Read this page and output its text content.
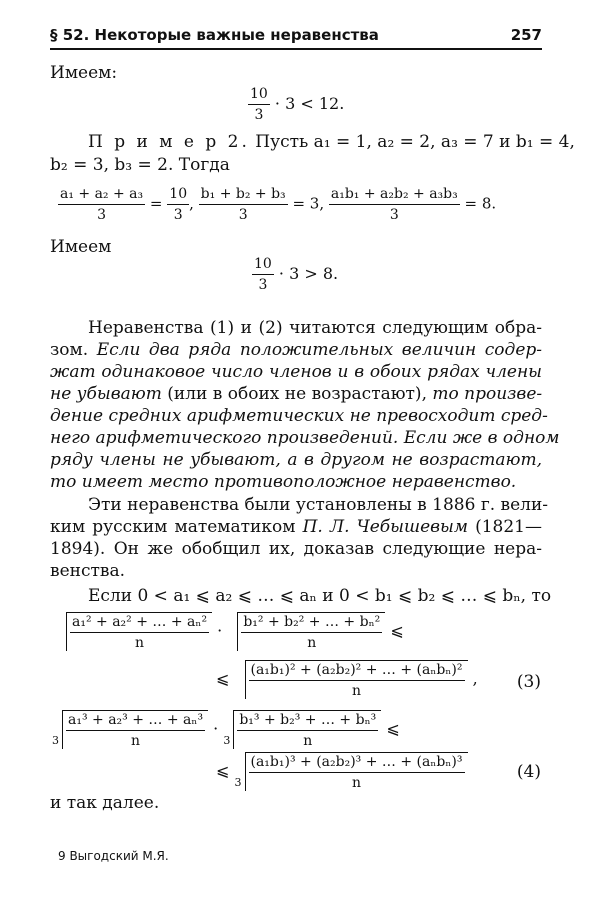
§ 52. Некоторые важные неравенства	257
Имеем:
$\frac{10}{3} \cdot 3 < 12$.
П р и м е р 2. Пусть a₁ = 1, a₂ = 2, a₃ = 7 и b₁ = 4,
b₂ = 3, b₃ = 2. Тогда
$\frac{\text{a₁ + a₂ + a₃}}{3} = \frac{10}{3}$ , $\frac{\text{b₁ + b₂ + b₃}}{3} = 3$, $\frac{\text{a₁b₁ + a₂b₂ + a₃b₃}}{3} = 8$.
Имеем
$\frac{10}{3} \cdot 3 > 8$.
Неравенства (1) и (2) читаются следующим обра-
зом. Если два ряда положительных величин содер-
жат одинаковое число членов и в обоих рядах члены
не убывают (или в обоих не возрастают), то произве-
дение средних арифметических не превосходит сред-
него арифметического произведений. Если же в одном
ряду члены не убывают, а в другом не возрастают,
то имеет место противоположное неравенство.
Эти неравенства были установлены в 1886 г. вели-
ким русским математиком П. Л. Чебышевым (1821—
1894). Он же обобщил их, доказав следующие нера-
венства.
Если 0 < a₁ ⩽ a₂ ⩽ … ⩽ aₙ и 0 < b₁ ⩽ b₂ ⩽ … ⩽ bₙ, то
$\frac{\text{a₁² + a₂² + … + aₙ²}}{n} \cdot \frac{\text{b₁² + b₂² + … + bₙ²}}{n}$ ⩽
⩽ $\frac{\text{(a₁b₁)² + (a₂b₂)² + … + (aₙbₙ)²}}{n}$ , (3)
$3 \frac{\text{a₁³ + a₂³ + … + aₙ³}}{n}$ ·
$3 \frac{\text{b₁³ + b₂³ + … + bₙ³}}{n}$ ⩽
⩽
$3 \frac{\text{(a₁b₁)³ + (a₂b₂)³ + … + (aₙbₙ)³}}{n}$	(4)
и так далее.
9 Выгодский М.Я.
